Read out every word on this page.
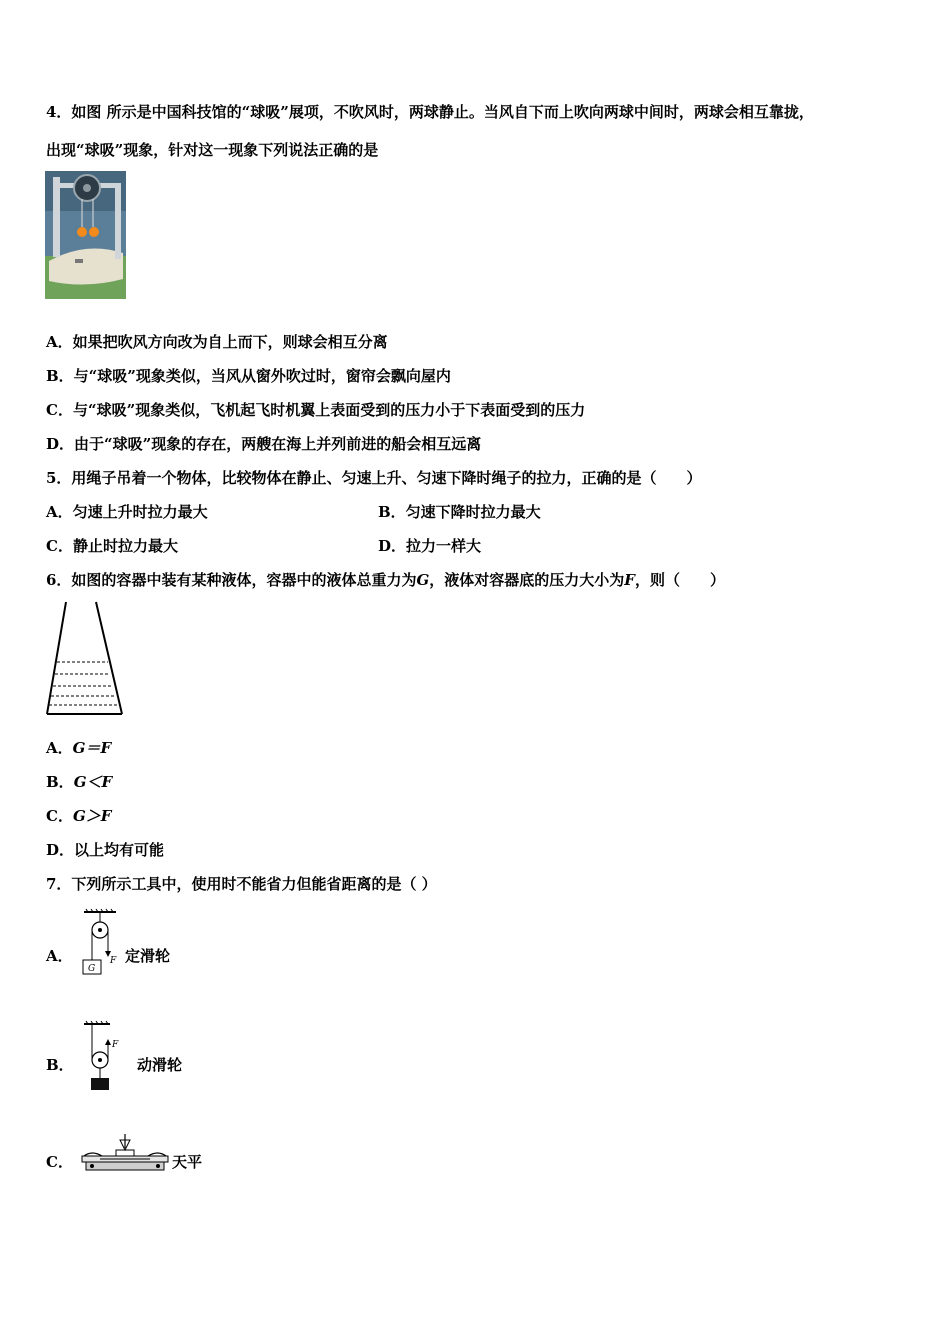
4．如图 所示是中国科技馆的“球吸”展项，不吹风时，两球静止。当风自下而上吹向两球中间时，两球会相互靠拢，
出现“球吸”现象，针对这一现象下列说法正确的是
A．如果把吹风方向改为自上而下，则球会相互分离
B．与“球吸”现象类似，当风从窗外吹过时，窗帘会飘向屋内
C．与“球吸”现象类似，飞机起飞时机翼上表面受到的压力小于下表面受到的压力
D．由于“球吸”现象的存在，两艘在海上并列前进的船会相互远离
5．用绳子吊着一个物体，比较物体在静止、匀速上升、匀速下降时绳子的拉力，正确的是（　　）
A．匀速上升时拉力最大	B．匀速下降时拉力最大
C．静止时拉力最大	D．拉力一样大
6．如图的容器中装有某种液体，容器中的液体总重力为G，液体对容器底的压力大小为F，则（　　）
A．G＝F
B．G＜F
C．G＞F
D．以上均有可能
7．下列所示工具中，使用时不能省力但能省距离的是（ ）
A．
G
F 定滑轮
B．
F
动滑轮
C．	天平
